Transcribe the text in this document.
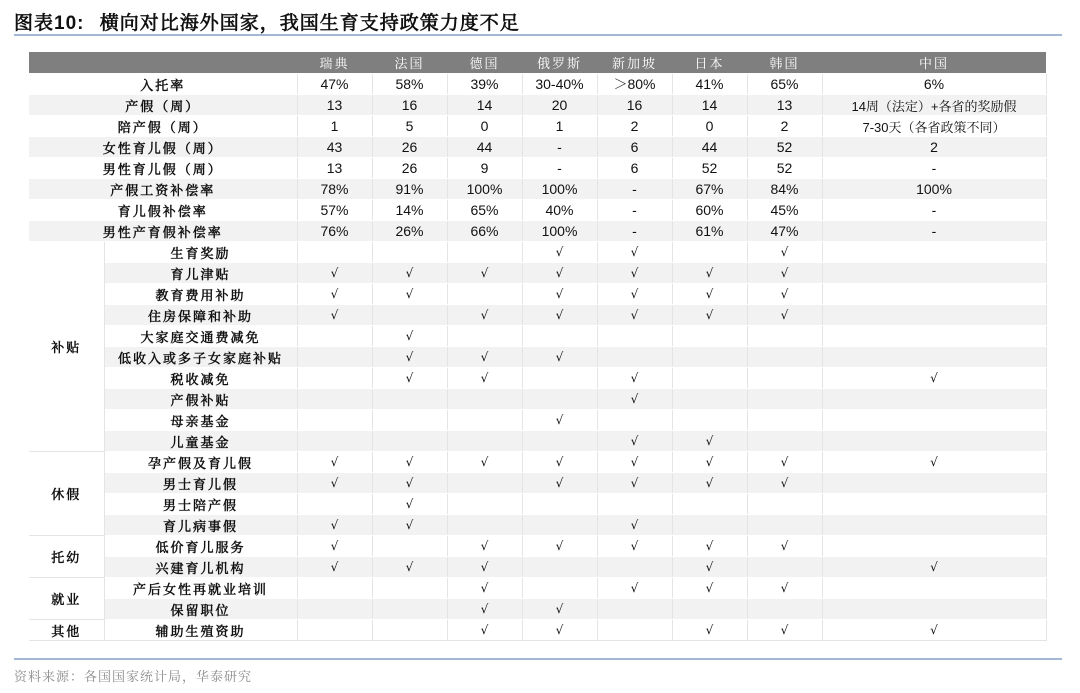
图表10: 横向对比海外国家，我国生育支持政策力度不足
		瑞典	法国	德国	俄罗斯	新加坡	日本	韩国	中国
入托率		47%	58%	39%	30-40%	＞80%	41%	65%	6%
产假（周）		13	16	14	20	16	14	13	14周（法定）+各省的奖励假
陪产假（周）		1	5	0	1	2	0	2	7-30天（各省政策不同）
女性育儿假（周）		43	26	44	-	6	44	52	2
男性育儿假（周）		13	26	9	-	6	52	52	-
产假工资补偿率		78%	91%	100%	100%	-	67%	84%	100%
育儿假补偿率		57%	14%	65%	40%	-	60%	45%	-
男性产育假补偿率		76%	26%	66%	100%	-	61%	47%	-
补贴	生育奖励				√	√		√	
	育儿津贴	√	√	√	√	√	√	√	
	教育费用补助	√	√		√	√	√	√	
	住房保障和补助	√		√	√	√	√	√	
	大家庭交通费减免		√						
	低收入或多子女家庭补贴		√	√	√				
	税收减免		√	√		√			√
	产假补贴					√			
	母亲基金				√				
	儿童基金					√	√		
休假	孕产假及育儿假	√	√	√	√	√	√	√	√
	男士育儿假	√	√		√	√	√	√	
	男士陪产假		√						
	育儿病事假	√	√			√			
托幼	低价育儿服务	√		√	√	√	√	√	
	兴建育儿机构	√	√	√			√		√
就业	产后女性再就业培训			√		√	√	√	
	保留职位			√	√				
其他	辅助生殖资助			√	√		√	√	√
资料来源：各国国家统计局，华泰研究
